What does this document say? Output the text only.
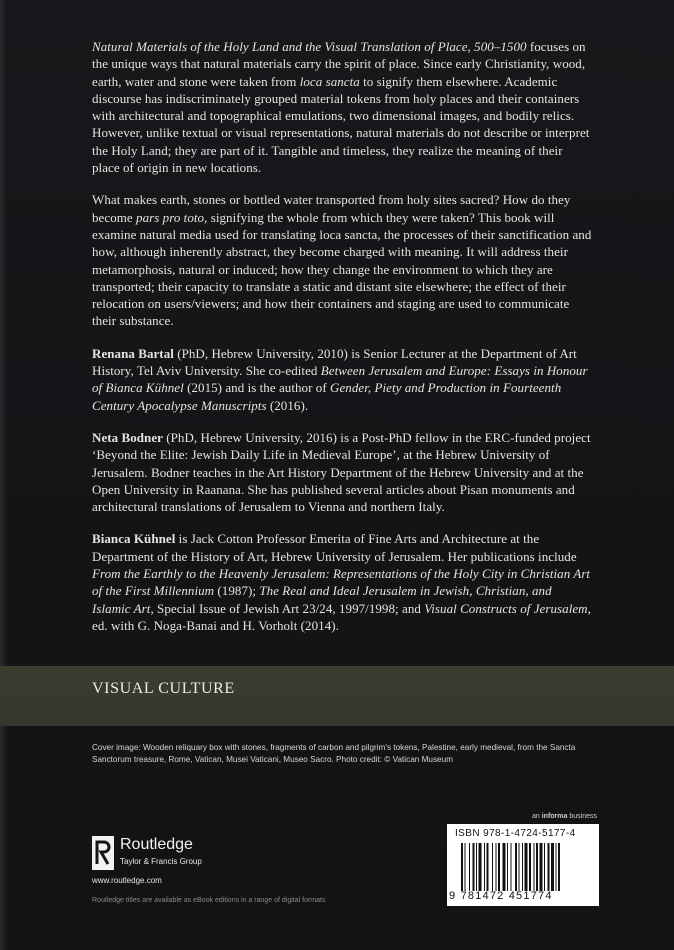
Natural Materials of the Holy Land and the Visual Translation of Place, 500–1500 focuses on the unique ways that natural materials carry the spirit of place. Since early Christianity, wood, earth, water and stone were taken from loca sancta to signify them elsewhere. Academic discourse has indiscriminately grouped material tokens from holy places and their containers with architectural and topographical emulations, two dimensional images, and bodily relics. However, unlike textual or visual representations, natural materials do not describe or interpret the Holy Land; they are part of it. Tangible and timeless, they realize the meaning of their place of origin in new locations.

What makes earth, stones or bottled water transported from holy sites sacred? How do they become pars pro toto, signifying the whole from which they were taken? This book will examine natural media used for translating loca sancta, the processes of their sanctification and how, although inherently abstract, they become charged with meaning. It will address their metamorphosis, natural or induced; how they change the environment to which they are transported; their capacity to translate a static and distant site elsewhere; the effect of their relocation on users/viewers; and how their containers and staging are used to communicate their substance.

Renana Bartal (PhD, Hebrew University, 2010) is Senior Lecturer at the Department of Art History, Tel Aviv University. She co-edited Between Jerusalem and Europe: Essays in Honour of Bianca Kühnel (2015) and is the author of Gender, Piety and Production in Fourteenth Century Apocalypse Manuscripts (2016).

Neta Bodner (PhD, Hebrew University, 2016) is a Post-PhD fellow in the ERC-funded project ‘Beyond the Elite: Jewish Daily Life in Medieval Europe’, at the Hebrew University of Jerusalem. Bodner teaches in the Art History Department of the Hebrew University and at the Open University in Raanana. She has published several articles about Pisan monuments and architectural translations of Jerusalem to Vienna and northern Italy.

Bianca Kühnel is Jack Cotton Professor Emerita of Fine Arts and Architecture at the Department of the History of Art, Hebrew University of Jerusalem. Her publications include From the Earthly to the Heavenly Jerusalem: Representations of the Holy City in Christian Art of the First Millennium (1987); The Real and Ideal Jerusalem in Jewish, Christian, and Islamic Art, Special Issue of Jewish Art 23/24, 1997/1998; and Visual Constructs of Jerusalem, ed. with G. Noga-Banai and H. Vorholt (2014).

VISUAL CULTURE
Cover image: Wooden reliquary box with stones, fragments of carbon and pilgrim's tokens, Palestine, early medieval, from the Sancta Sanctorum treasure, Rome, Vatican, Musei Vaticani, Museo Sacro. Photo credit: © Vatican Museum
an informa business
ISBN 978-1-4724-5177-4
9 781472 451774
Routledge
Taylor & Francis Group
www.routledge.com
Routledge titles are available as eBook editions in a range of digital formats
